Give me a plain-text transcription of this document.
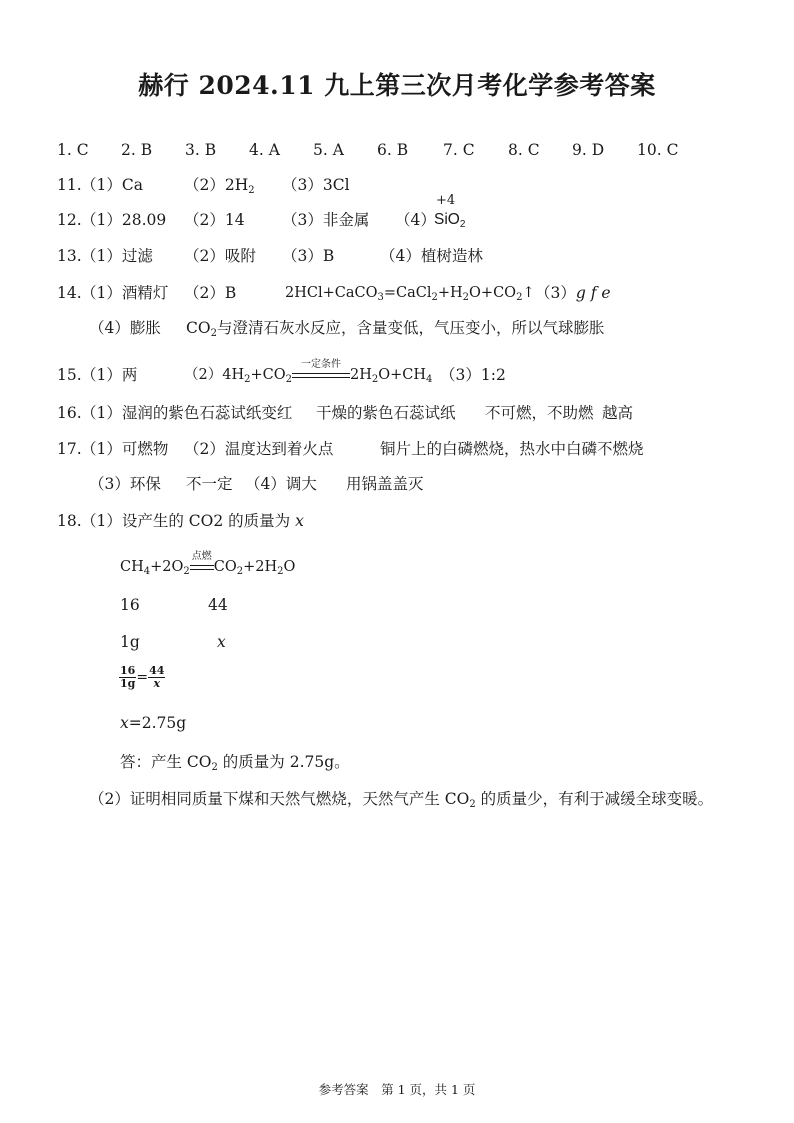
赫行 2024.11 九上第三次月考化学参考答案
1. C 2. B 3. B 4. A 5. A 6. B 7. C 8. C 9. D 10. C
11. （1）Ca	$(2)2H_2$ （3）3Cl
12. （1）28.09 （2）14 （3）非金属 （4）
+4
SiO$_2$
13. （1）过滤 （2）吸附 （3）B	（4）植树造林
14. （1）酒精灯 （2）B	$2HCl+CaCO_3=CaCl_2+H_2O+CO_2↑$ （3）g f e
（4）膨胀 $CO_2$与澄清石灰水反应，含量变低，气压变小，所以气球膨胀
15. （1）两	$(2)4H_2+CO_2$
一定条件
$2H_2O+CH_4$ （3）1:2
16. （1）湿润的紫色石蕊试纸变红 干燥的紫色石蕊试纸 不可燃，不助燃 越高
17. （1）可燃物 （2）温度达到着火点	铜片上的白磷燃烧，热水中白磷不燃烧
（3）环保 不一定 （4）调大 用锅盖盖灭
18. （1）设产生的 CO2 的质量为 x
$CH_4+2O_2$
点燃
$CO_2+2H_2O$
16	44
1g	x
$\frac{16}{1g} = \frac{44}{x}$
x=2.75g
答：产生 $CO_2$ 的质量为 2.75g。
（2）证明相同质量下煤和天然气燃烧，天然气产生 $CO_2$ 的质量少，有利于减缓全球变暖。
参考答案　第 1 页，共 1 页
